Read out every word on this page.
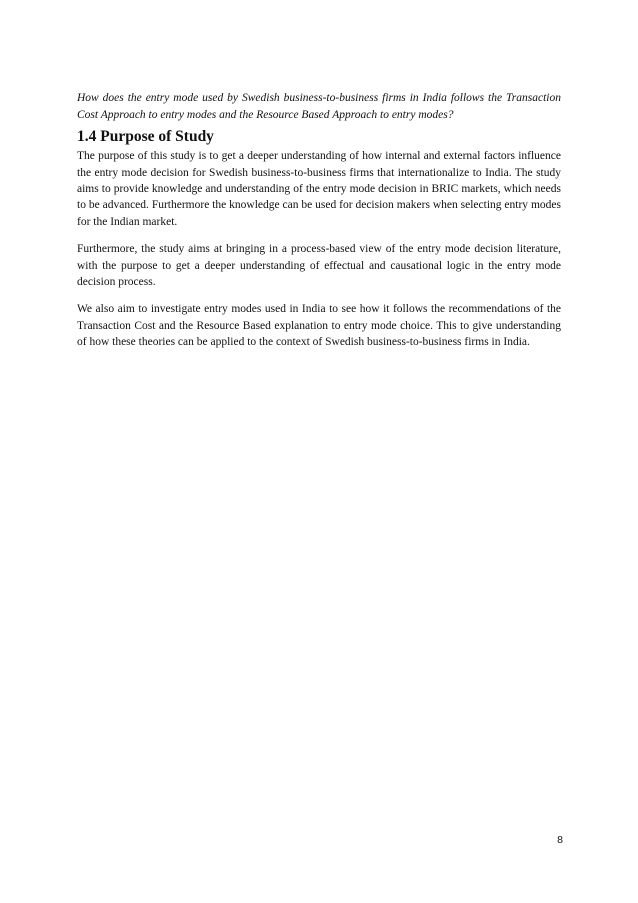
How does the entry mode used by Swedish business-to-business firms in India follows the Transaction Cost Approach to entry modes and the Resource Based Approach to entry modes?

1.4 Purpose of Study

The purpose of this study is to get a deeper understanding of how internal and external factors influence the entry mode decision for Swedish business-to-business firms that internationalize to India. The study aims to provide knowledge and understanding of the entry mode decision in BRIC markets, which needs to be advanced. Furthermore the knowledge can be used for decision makers when selecting entry modes for the Indian market.

Furthermore, the study aims at bringing in a process-based view of the entry mode decision literature, with the purpose to get a deeper understanding of effectual and causational logic in the entry mode decision process.

We also aim to investigate entry modes used in India to see how it follows the recommendations of the Transaction Cost and the Resource Based explanation to entry mode choice. This to give understanding of how these theories can be applied to the context of Swedish business-to-business firms in India.

8
